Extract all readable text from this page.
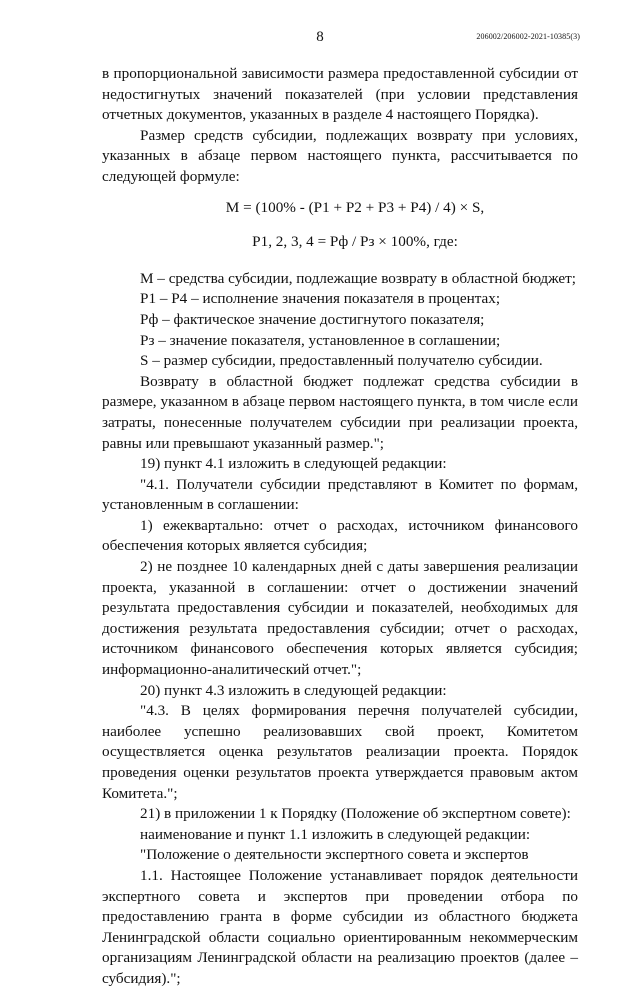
8	206002/206002-2021-10385(3)

в пропорциональной зависимости размера предоставленной субсидии от недостигнутых значений показателей (при условии представления отчетных документов, указанных в разделе 4 настоящего Порядка).

Размер средств субсидии, подлежащих возврату при условиях, указанных в абзаце первом настоящего пункта, рассчитывается по следующей формуле:

M = (100% - (P1 + P2 + P3 + P4) / 4) × S,

P1, 2, 3, 4 = Рф / Рз × 100%, где:

M – средства субсидии, подлежащие возврату в областной бюджет;

P1 – P4 – исполнение значения показателя в процентах;

Рф – фактическое значение достигнутого показателя;

Рз – значение показателя, установленное в соглашении;

S – размер субсидии, предоставленный получателю субсидии.

Возврату в областной бюджет подлежат средства субсидии в размере, указанном в абзаце первом настоящего пункта, в том числе если затраты, понесенные получателем субсидии при реализации проекта, равны или превышают указанный размер.";

19) пункт 4.1 изложить в следующей редакции:

"4.1. Получатели субсидии представляют в Комитет по формам, установленным в соглашении:

1) ежеквартально: отчет о расходах, источником финансового обеспечения которых является субсидия;

2) не позднее 10 календарных дней с даты завершения реализации проекта, указанной в соглашении: отчет о достижении значений результата предоставления субсидии и показателей, необходимых для достижения результата предоставления субсидии; отчет о расходах, источником финансового обеспечения которых является субсидия; информационно-аналитический отчет.";

20) пункт 4.3 изложить в следующей редакции:

"4.3. В целях формирования перечня получателей субсидии, наиболее успешно реализовавших свой проект, Комитетом осуществляется оценка результатов реализации проекта. Порядок проведения оценки результатов проекта утверждается правовым актом Комитета.";

21) в приложении 1 к Порядку (Положение об экспертном совете):

наименование и пункт 1.1 изложить в следующей редакции:

"Положение о деятельности экспертного совета и экспертов

1.1. Настоящее Положение устанавливает порядок деятельности экспертного совета и экспертов при проведении отбора по предоставлению гранта в форме субсидии из областного бюджета Ленинградской области социально ориентированным некоммерческим организациям Ленинградской области на реализацию проектов (далее – субсидия).";
